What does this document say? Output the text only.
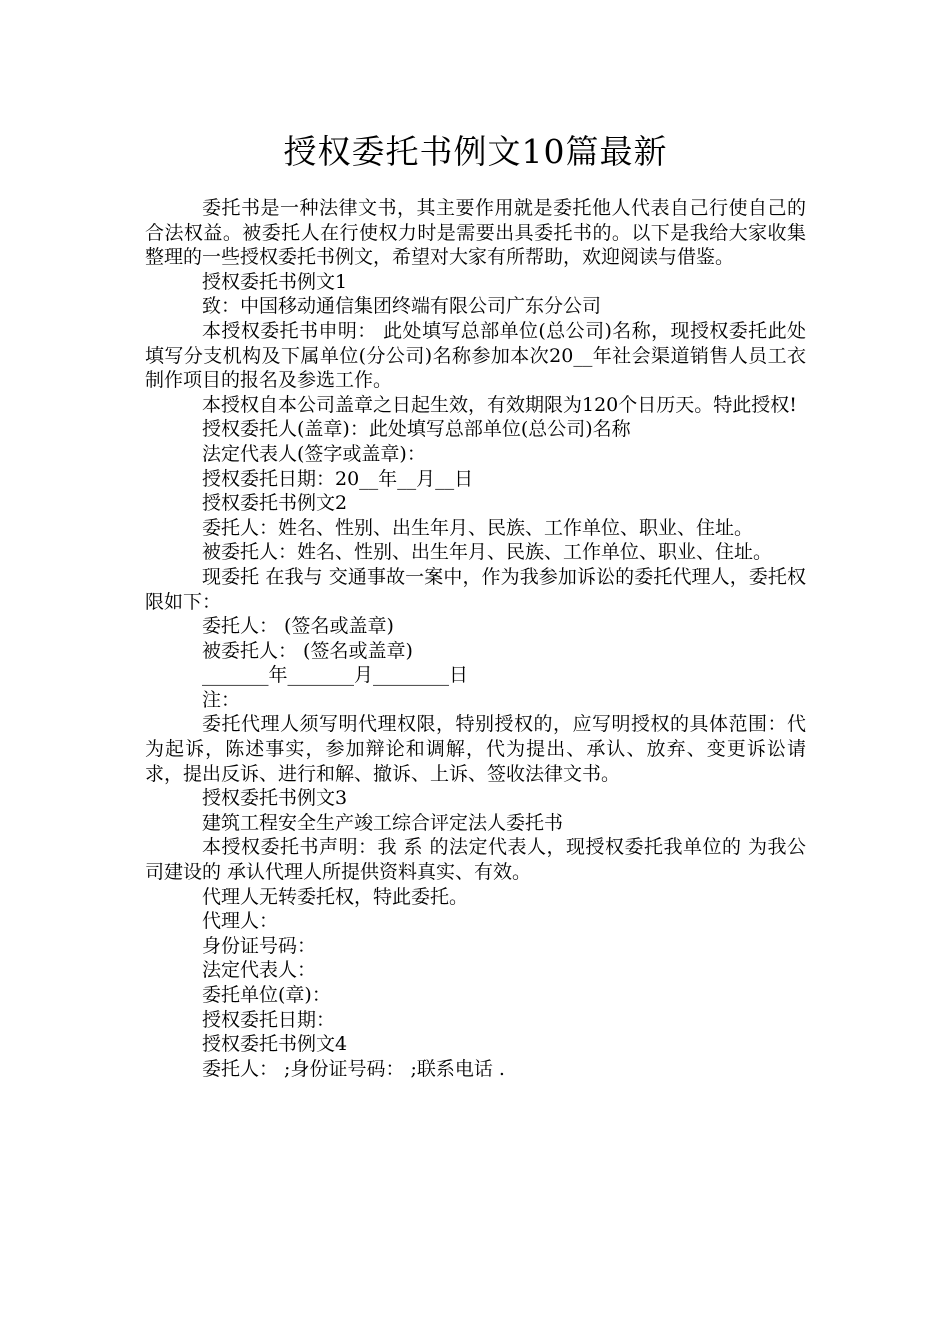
授权委托书例文10篇最新

委托书是一种法律文书，其主要作用就是委托他人代表自己行使自己的合法权益。被委托人在行使权力时是需要出具委托书的。以下是我给大家收集整理的一些授权委托书例文，希望对大家有所帮助，欢迎阅读与借鉴。

授权委托书例文1

致：中国移动通信集团终端有限公司广东分公司

本授权委托书申明： 此处填写总部单位(总公司)名称，现授权委托此处填写分支机构及下属单位(分公司)名称参加本次20__年社会渠道销售人员工衣制作项目的报名及参选工作。

本授权自本公司盖章之日起生效，有效期限为120个日历天。特此授权!

授权委托人(盖章)：此处填写总部单位(总公司)名称

法定代表人(签字或盖章)：

授权委托日期：20__年__月__日

授权委托书例文2

委托人：姓名、性别、出生年月、民族、工作单位、职业、住址。

被委托人：姓名、性别、出生年月、民族、工作单位、职业、住址。

现委托 在我与 交通事故一案中，作为我参加诉讼的委托代理人，委托权限如下：

委托人： (签名或盖章)

被委托人： (签名或盖章)

_______年_______月________日

注：

委托代理人须写明代理权限，特别授权的，应写明授权的具体范围：代为起诉，陈述事实，参加辩论和调解，代为提出、承认、放弃、变更诉讼请求，提出反诉、进行和解、撤诉、上诉、签收法律文书。

授权委托书例文3

建筑工程安全生产竣工综合评定法人委托书

本授权委托书声明：我 系 的法定代表人，现授权委托我单位的 为我公司建设的 承认代理人所提供资料真实、有效。

代理人无转委托权，特此委托。

代理人：

身份证号码：

法定代表人：

委托单位(章)：

授权委托日期：

授权委托书例文4

委托人： ;身份证号码： ;联系电话 .
